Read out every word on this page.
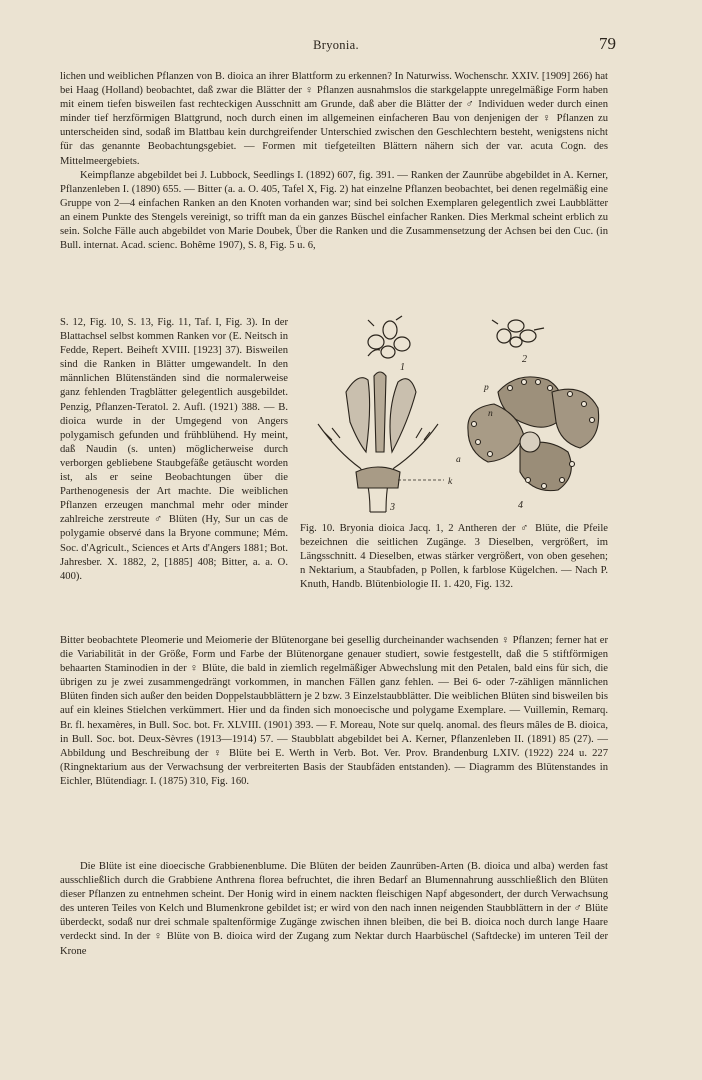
Bryonia.	79

lichen und weiblichen Pflanzen von B. dioica an ihrer Blattform zu erkennen? In Naturwiss. Wochenschr. XXIV. [1909] 266) hat bei Haag (Holland) beobachtet, daß zwar die Blätter der ♀ Pflanzen ausnahmslos die starkgelappte unregelmäßige Form haben mit einem tiefen bisweilen fast rechteckigen Ausschnitt am Grunde, daß aber die Blätter der ♂ Individuen weder durch einen minder tief herzförmigen Blattgrund, noch durch einen im allgemeinen einfacheren Bau von denjenigen der ♀ Pflanzen zu unterscheiden sind, sodaß im Blattbau kein durchgreifender Unterschied zwischen den Geschlechtern besteht, wenigstens nicht für das genannte Beobachtungsgebiet. — Formen mit tiefgeteilten Blättern nähern sich der var. acuta Cogn. des Mittelmeergebiets.

Keimpflanze abgebildet bei J. Lubbock, Seedlings I. (1892) 607, fig. 391. — Ranken der Zaunrübe abgebildet in A. Kerner, Pflanzenleben I. (1890) 655. — Bitter (a. a. O. 405, Tafel X, Fig. 2) hat einzelne Pflanzen beobachtet, bei denen regelmäßig eine Gruppe von 2—4 einfachen Ranken an den Knoten vorhanden war; sind bei solchen Exemplaren gelegentlich zwei Laubblätter an einem Punkte des Stengels vereinigt, so trifft man da ein ganzes Büschel einfacher Ranken. Dies Merkmal scheint erblich zu sein. Solche Fälle auch abgebildet von Marie Doubek, Über die Ranken und die Zusammensetzung der Achsen bei den Cuc. (in Bull. internat. Acad. scienc. Bohême 1907), S. 8, Fig. 5 u. 6,

S. 12, Fig. 10, S. 13, Fig. 11, Taf. I, Fig. 3). In der Blattachsel selbst kommen Ranken vor (E. Neitsch in Fedde, Repert. Beiheft XVIII. [1923] 37). Bisweilen sind die Ranken in Blätter umgewandelt. In den männlichen Blütenständen sind die normalerweise ganz fehlenden Tragblätter gelegentlich ausgebildet. Penzig, Pflanzen-Teratol. 2. Aufl. (1921) 388. — B. dioica wurde in der Umgegend von Angers polygamisch gefunden und frühblühend. Hy meint, daß Naudin (s. unten) möglicherweise durch verborgen gebliebene Staubgefäße getäuscht worden ist, als er seine Beobachtungen über die Parthenogenesis der Art machte. Die weiblichen Pflanzen erzeugen manchmal mehr oder minder zahlreiche zerstreute ♂ Blüten (Hy, Sur un cas de polygamie observé dans la Bryone commune; Mém. Soc. d'Agricult., Sciences et Arts d'Angers 1881; Bot. Jahresber. X. 1882, 2, [1885] 408; Bitter, a. a. O. 400).

1
2
3
k
4
p
a
n

Fig. 10. Bryonia dioica Jacq. 1, 2 Antheren der ♂ Blüte, die Pfeile bezeichnen die seitlichen Zugänge. 3 Dieselben, vergrößert, im Längsschnitt. 4 Dieselben, etwas stärker vergrößert, von oben gesehen; n Nektarium, a Staubfaden, p Pollen, k farblose Kügelchen. — Nach P. Knuth, Handb. Blütenbiologie II. 1. 420, Fig. 132.

Bitter beobachtete Pleomerie und Meiomerie der Blütenorgane bei gesellig durcheinander wachsenden ♀ Pflanzen; ferner hat er die Variabilität in der Größe, Form und Farbe der Blütenorgane genauer studiert, sowie festgestellt, daß die 5 stiftförmigen behaarten Staminodien in der ♀ Blüte, die bald in ziemlich regelmäßiger Abwechslung mit den Petalen, bald eins für sich, die übrigen zu je zwei zusammengedrängt vorkommen, in manchen Fällen ganz fehlen. — Bei 6- oder 7-zähligen männlichen Blüten finden sich außer den beiden Doppelstaubblättern je 2 bzw. 3 Einzelstaubblätter. Die weiblichen Blüten sind bisweilen bis auf ein kleines Stielchen verkümmert. Hier und da finden sich monoecische und polygame Exemplare. — Vuillemin, Remarq. Br. fl. hexamères, in Bull. Soc. bot. Fr. XLVIII. (1901) 393. — F. Moreau, Note sur quelq. anomal. des fleurs mâles de B. dioica, in Bull. Soc. bot. Deux-Sèvres (1913—1914) 57. — Staubblatt abgebildet bei A. Kerner, Pflanzenleben II. (1891) 85 (27). — Abbildung und Beschreibung der ♀ Blüte bei E. Werth in Verb. Bot. Ver. Prov. Brandenburg LXIV. (1922) 224 u. 227 (Ringnektarium aus der Verwachsung der verbreiterten Basis der Staubfäden entstanden). — Diagramm des Blütenstandes in Eichler, Blütendiagr. I. (1875) 310, Fig. 160.

Die Blüte ist eine dioecische Grabbienenblume. Die Blüten der beiden Zaunrüben-Arten (B. dioica und alba) werden fast ausschließlich durch die Grabbiene Anthrena florea befruchtet, die ihren Bedarf an Blumennahrung ausschließlich den Blüten dieser Pflanzen zu entnehmen scheint. Der Honig wird in einem nackten fleischigen Napf abgesondert, der durch Verwachsung des unteren Teiles von Kelch und Blumenkrone gebildet ist; er wird von den nach innen neigenden Staubblättern in der ♂ Blüte überdeckt, sodaß nur drei schmale spaltenförmige Zugänge zwischen ihnen bleiben, die bei B. dioica noch durch lange Haare verdeckt sind. In der ♀ Blüte von B. dioica wird der Zugang zum Nektar durch Haarbüschel (Saftdecke) im unteren Teil der Krone
